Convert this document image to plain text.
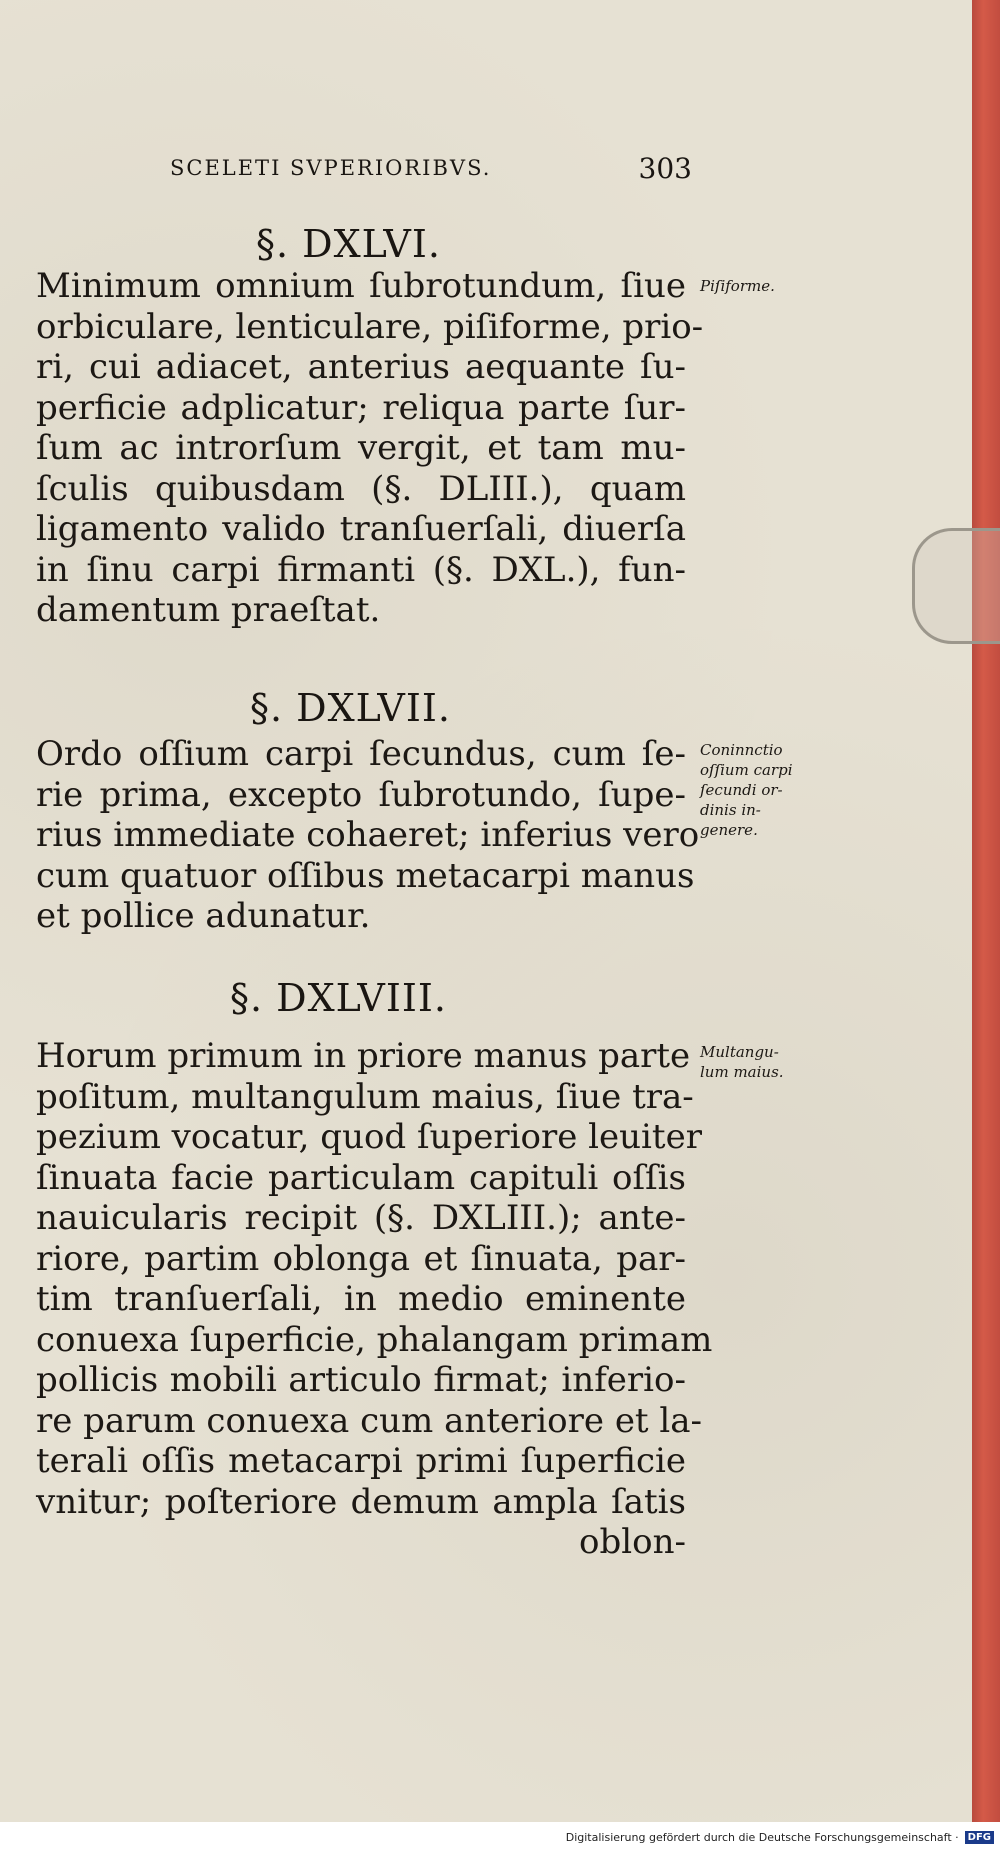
SCELETI SVPERIORIBVS.	303
§. DXLVI.
Minimum omnium ſubrotundum, ſiue
orbiculare, lenticulare, piſiforme, prio-
ri, cui adiacet, anterius aequante ſu-
perficie adplicatur; reliqua parte ſur-
ſum ac introrſum vergit, et tam mu-
ſculis quibusdam (§. DLIII.), quam
ligamento valido tranſuerſali, diuerſa
in ſinu carpi firmanti (§. DXL.), fun-
damentum praeſtat.
Piſiforme.
§. DXLVII.
Ordo oſſium carpi ſecundus, cum ſe-
rie prima, excepto ſubrotundo, ſupe-
rius immediate cohaeret; inferius vero
cum quatuor oſſibus metacarpi manus
et pollice adunatur.
Coninnctio
oſſium carpi
ſecundi or-
dinis in-
genere.
§. DXLVIII.
Horum primum in priore manus parte
poſitum, multangulum maius, ſiue tra-
pezium vocatur, quod ſuperiore leuiter
ſinuata facie particulam capituli oſſis
nauicularis recipit (§. DXLIII.); ante-
riore, partim oblonga et ſinuata, par-
tim tranſuerſali, in medio eminente
conuexa ſuperficie, phalangam primam
pollicis mobili articulo firmat; inferio-
re parum conuexa cum anteriore et la-
terali oſſis metacarpi primi ſuperficie
vnitur; poſteriore demum ampla ſatis
oblon-
Multangu-
lum maius.
Digitalisierung gefördert durch die Deutsche Forschungsgemeinschaft · DFG
